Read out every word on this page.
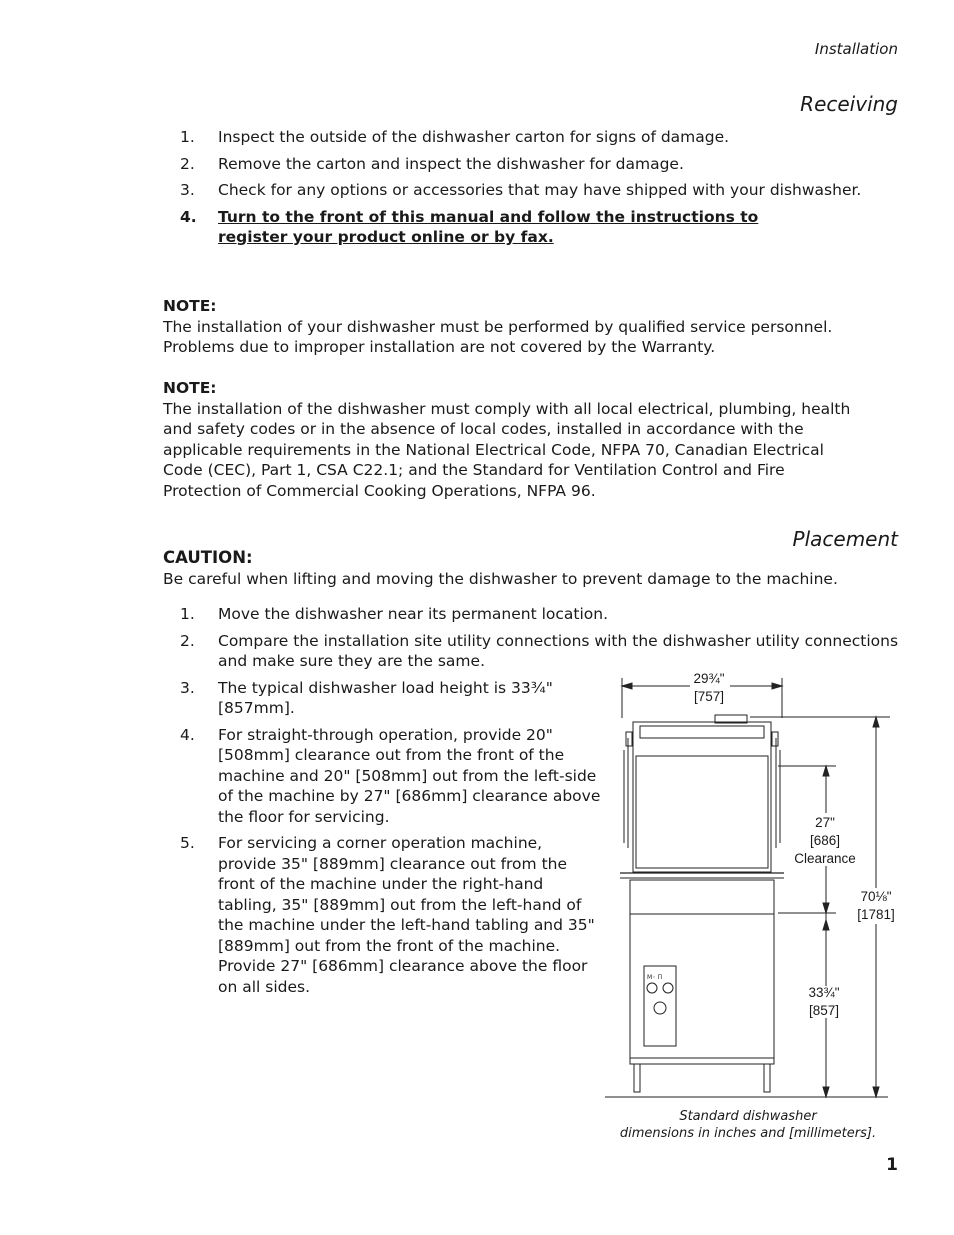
Installation
Receiving
1.	Inspect the outside of the dishwasher carton for signs of damage.
2.	Remove the carton and inspect the dishwasher for damage.
3.	Check for any options or accessories that may have shipped with your dishwasher.
4.	Turn to the front of this manual and follow the instructions to register your product online or by fax.
NOTE:
The installation of your dishwasher must be performed by qualified service personnel. Problems due to improper installation are not covered by the Warranty.
NOTE:
The installation of the dishwasher must comply with all local electrical, plumbing, health and safety codes or in the absence of local codes, installed in accordance with the applicable requirements in the National Electrical Code, NFPA 70, Canadian Electrical Code (CEC), Part 1, CSA C22.1; and the Standard for Ventilation Control and Fire Protection of Commercial Cooking Operations, NFPA 96.
Placement
CAUTION:
Be careful when lifting and moving the dishwasher to prevent damage to the machine.
1.	Move the dishwasher near its permanent location.
2.	Compare the installation site utility connections with the dishwasher utility connections and make sure they are the same.
3.	The typical dishwasher load height is 33¾" [857mm].
4.	For straight-through operation, provide 20" [508mm] clearance out from the front of the machine and 20" [508mm] out from the left-side of the machine by 27" [686mm] clearance above the floor for servicing.
5.	For servicing a corner operation machine, provide 35" [889mm] clearance out from the front of the machine under the right-hand tabling, 35" [889mm] out from the left-hand of the machine under the left-hand tabling and 35" [889mm] out from the front of the machine. Provide 27" [686mm] clearance above the floor on all sides.	M◦ Π
29¾"
[757]
27"
[686]
Clearance
70⅛"
[1781]
33¾"
[857]
Standard dishwasher
dimensions in inches and [millimeters].
1
